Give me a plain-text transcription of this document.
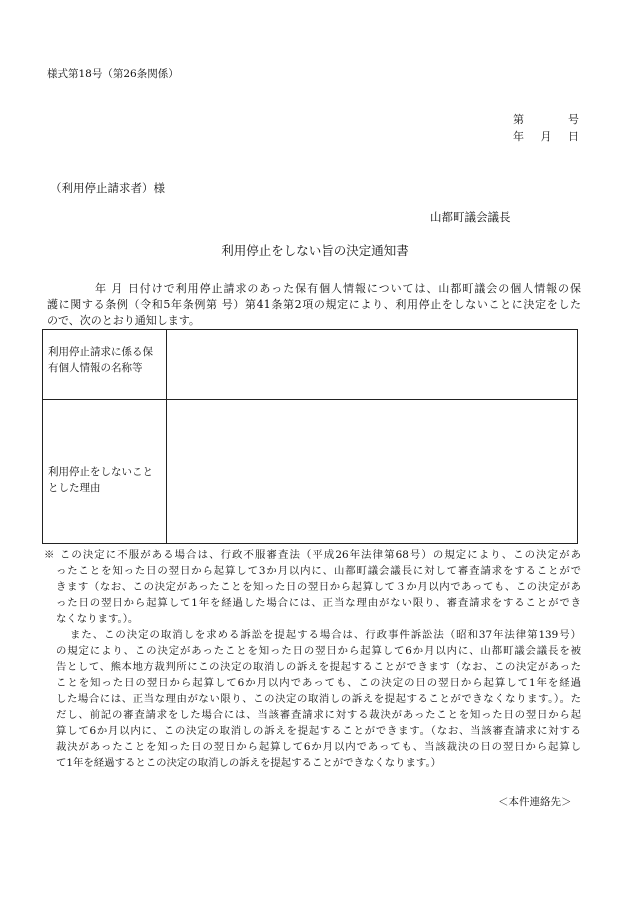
様式第18号（第26条関係）
第	号
年 月 日
（利用停止請求者）様
山都町議会議長
利用停止をしない旨の決定通知書
年 月 日付けで利用停止請求のあった保有個人情報については、山都町議会の個人情報の保
護に関する条例（令和5年条例第 号）第41条第2項の規定により、利用停止をしないことに決定をした
ので、次のとおり通知します。
利用停止請求に係る保有個人情報の名称等
利用停止をしないこととした理由
※ この決定に不服がある場合は、行政不服審査法（平成26年法律第68号）の規定により、この決定があ
ったことを知った日の翌日から起算して3か月以内に、山都町議会議長に対して審査請求をすることがで
きます（なお、この決定があったことを知った日の翌日から起算して３か月以内であっても、この決定があ
った日の翌日から起算して1年を経過した場合には、正当な理由がない限り、審査請求をすることができ
なくなります。）。
また、この決定の取消しを求める訴訟を提起する場合は、行政事件訴訟法（昭和37年法律第139号）
の規定により、この決定があったことを知った日の翌日から起算して6か月以内に、山都町議会議長を被
告として、熊本地方裁判所にこの決定の取消しの訴えを提起することができます（なお、この決定があった
ことを知った日の翌日から起算して6か月以内であっても、この決定の日の翌日から起算して1年を経過
した場合には、正当な理由がない限り、この決定の取消しの訴えを提起することができなくなります。）。た
だし、前記の審査請求をした場合には、当該審査請求に対する裁決があったことを知った日の翌日から起
算して6か月以内に、この決定の取消しの訴えを提起することができます。（なお、当該審査請求に対する
裁決があったことを知った日の翌日から起算して6か月以内であっても、当該裁決の日の翌日から起算し
て1年を経過するとこの決定の取消しの訴えを提起することができなくなります。）
＜本件連絡先＞
